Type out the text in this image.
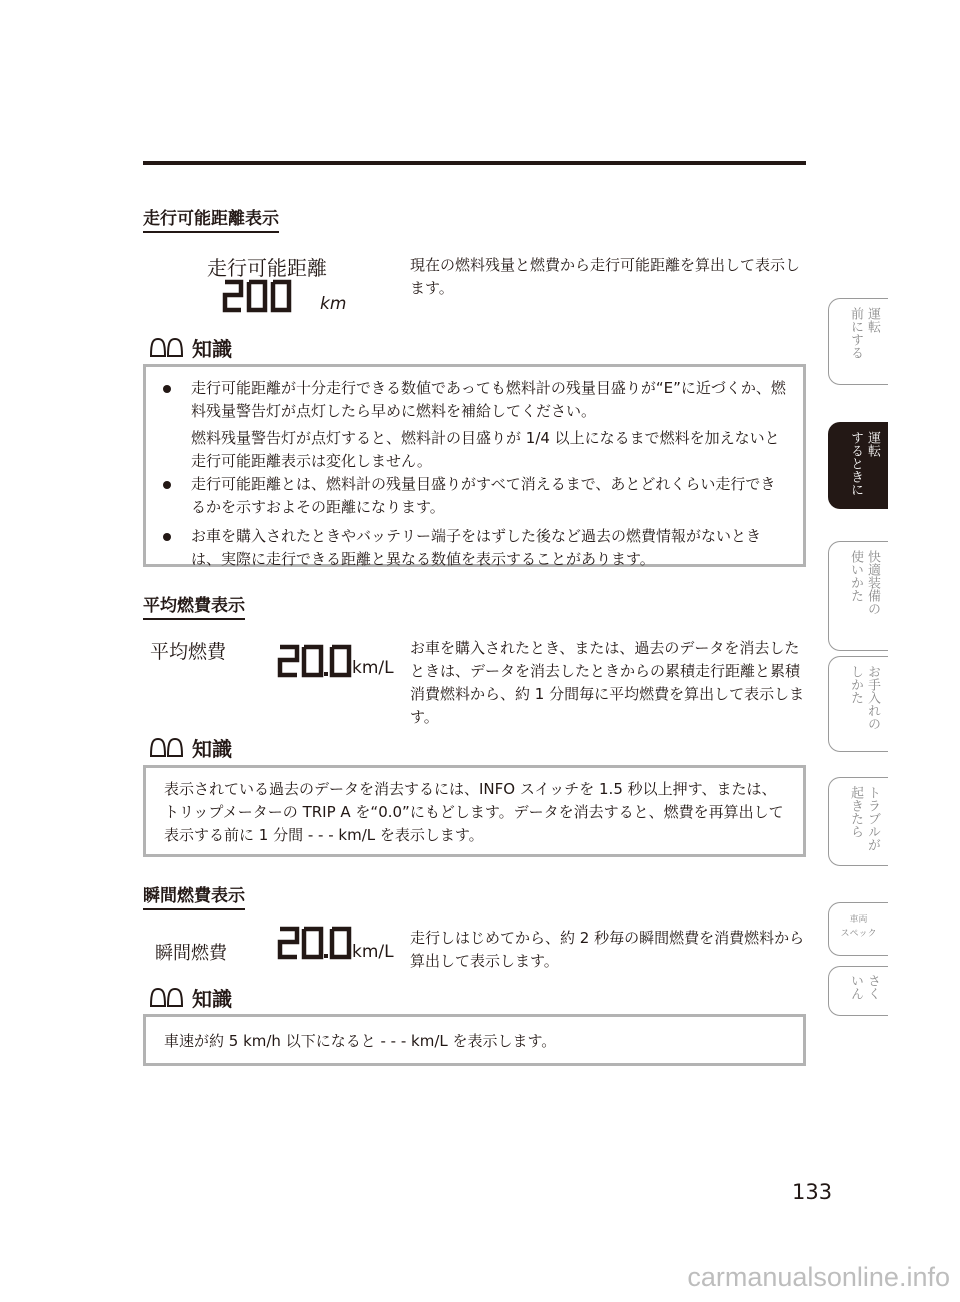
走行可能距離表示
走行可能距離
km
現在の燃料残量と燃費から走行可能距離を算出して表示します。
知識

走行可能距離が十分走行できる数値であっても燃料計の残量目盛りが“E”に近づくか、燃料残量警告灯が点灯したら早めに燃料を補給してください。

燃料残量警告灯が点灯すると、燃料計の目盛りが 1/4 以上になるまで燃料を加えないと走行可能距離表示は変化しません。

走行可能距離とは、燃料計の残量目盛りがすべて消えるまで、あとどれくらい走行できるかを示すおよその距離になります。

お車を購入されたときやバッテリー端子をはずした後など過去の燃費情報がないときは、実際に走行できる距離と異なる数値を表示することがあります。

平均燃費表示
平均燃費
km/L
お車を購入されたとき、または、過去のデータを消去したときは、データを消去したときからの累積走行距離と累積消費燃料から、約 1 分間毎に平均燃費を算出して表示します。
知識

表示されている過去のデータを消去するには、INFO スイッチを 1.5 秒以上押す、または、トリップメーターの TRIP A を“0.0”にもどします。データを消去すると、燃費を再算出して表示する前に 1 分間 - - - km/L を表示します。

瞬間燃費表示
瞬間燃費	km/L
走行しはじめてから、約 2 秒毎の瞬間燃費を消費燃料から算出して表示します。
知識

車速が約 5 km/h 以下になると - - - km/L を表示します。

運転
前にする
運転
するときに
快適装備の
使いかた
お手入れの
しかた
トラブルが
起きたら
車両
スペック
さく
いん
133
carmanualsonline.info
